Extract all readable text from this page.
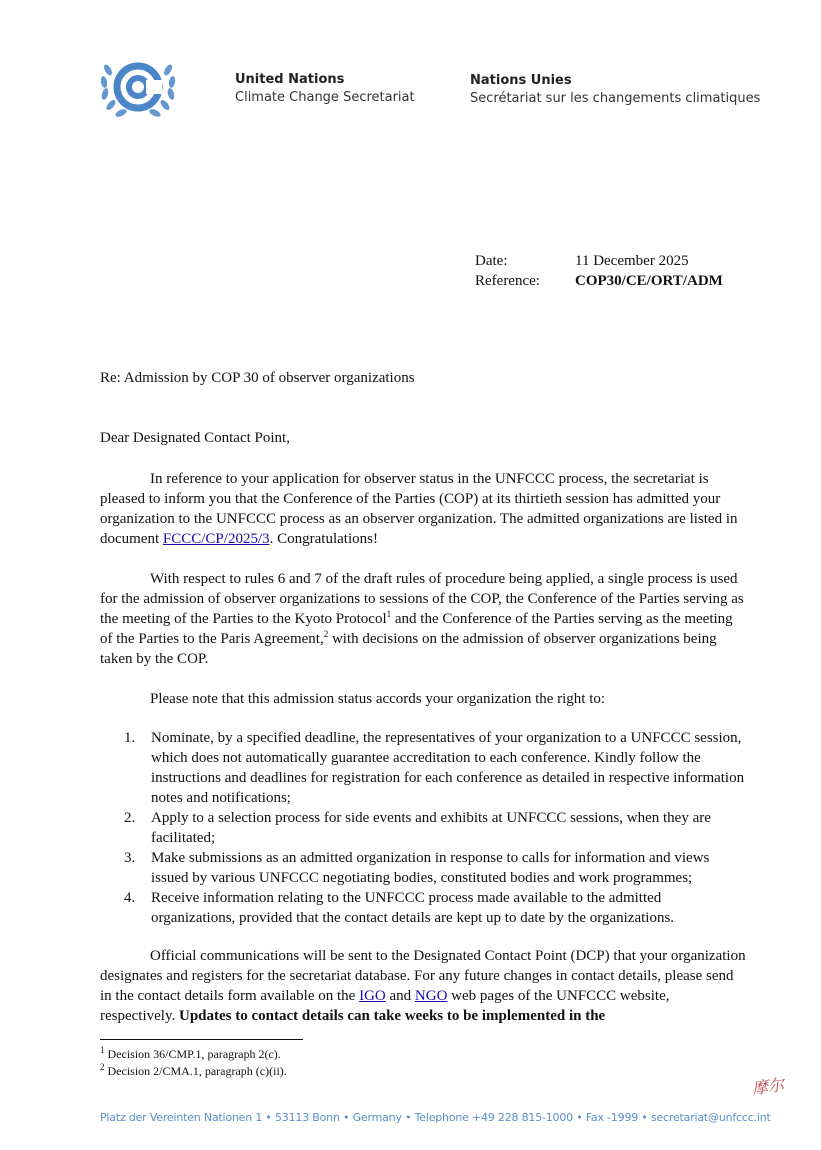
United Nations
Climate Change Secretariat
Nations Unies
Secrétariat sur les changements climatiques
Date:	11 December 2025
Reference:	COP30/CE/ORT/ADM
Re: Admission by COP 30 of observer organizations
Dear Designated Contact Point,
In reference to your application for observer status in the UNFCCC process, the secretariat is pleased to inform you that the Conference of the Parties (COP) at its thirtieth session has admitted your organization to the UNFCCC process as an observer organization. The admitted organizations are listed in document FCCC/CP/2025/3. Congratulations!
With respect to rules 6 and 7 of the draft rules of procedure being applied, a single process is used for the admission of observer organizations to sessions of the COP, the Conference of the Parties serving as the meeting of the Parties to the Kyoto Protocol$^1$ and the Conference of the Parties serving as the meeting of the Parties to the Paris Agreement,$^2$ with decisions on the admission of observer organizations being taken by the COP.
Please note that this admission status accords your organization the right to:
1.	Nominate, by a specified deadline, the representatives of your organization to a UNFCCC session, which does not automatically guarantee accreditation to each conference. Kindly follow the instructions and deadlines for registration for each conference as detailed in respective information notes and notifications;
2.	Apply to a selection process for side events and exhibits at UNFCCC sessions, when they are facilitated;
3.	Make submissions as an admitted organization in response to calls for information and views issued by various UNFCCC negotiating bodies, constituted bodies and work programmes;
4.	Receive information relating to the UNFCCC process made available to the admitted organizations, provided that the contact details are kept up to date by the organizations.
Official communications will be sent to the Designated Contact Point (DCP) that your organization designates and registers for the secretariat database. For any future changes in contact details, please send in the contact details form available on the IGO and NGO web pages of the UNFCCC website, respectively. Updates to contact details can take weeks to be implemented in the
$^1$ Decision 36/CMP.1, paragraph 2(c).
$^2$ Decision 2/CMA.1, paragraph (c)(ii).
摩尔
Platz der Vereinten Nationen 1 • 53113 Bonn • Germany • Telephone +49 228 815-1000 • Fax -1999 • secretariat@unfccc.int
